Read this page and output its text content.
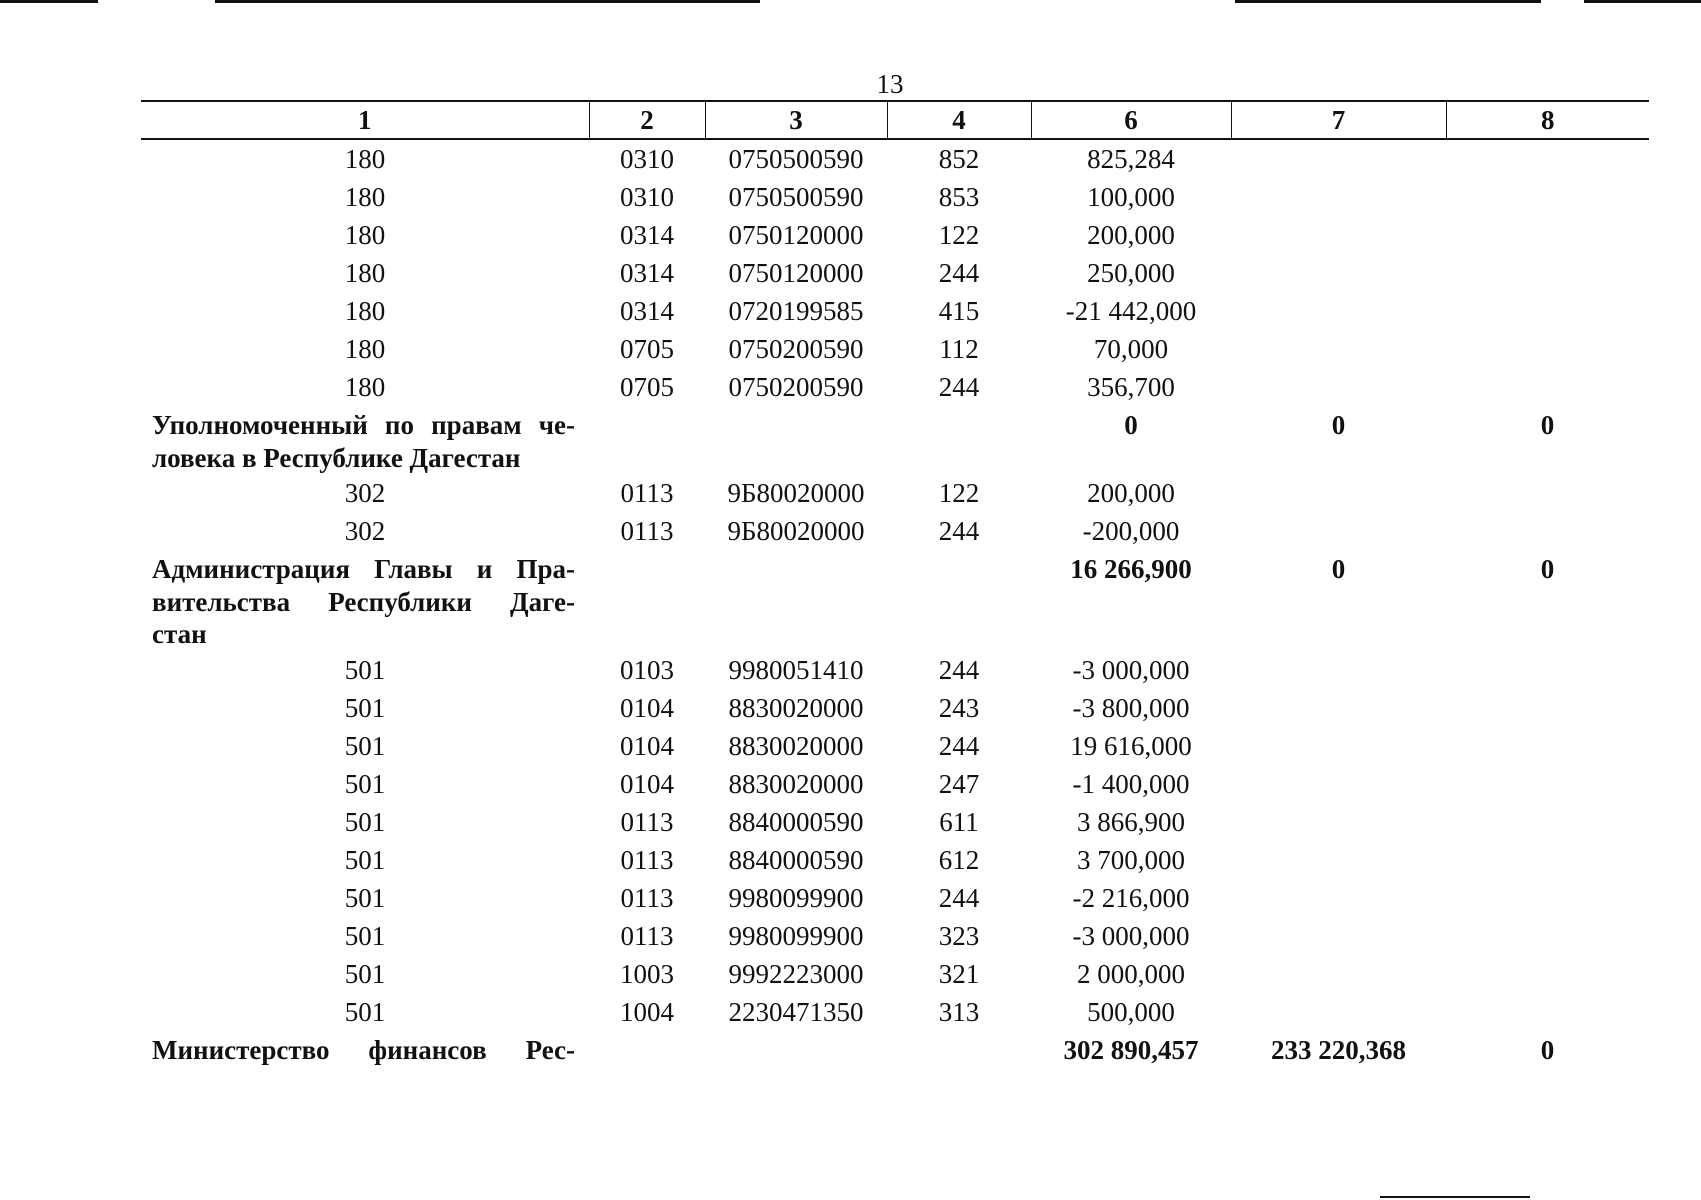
13
1	2	3	4	6	7	8
180	0310	0750500590	852	825,284		
180	0310	0750500590	853	100,000		
180	0314	0750120000	122	200,000		
180	0314	0750120000	244	250,000		
180	0314	0720199585	415	-21 442,000		
180	0705	0750200590	112	70,000		
180	0705	0750200590	244	356,700		

Уполномоченный по правам че-
ловека в Республике Дагестан				0	0	0
302	0113	9Б80020000	122	200,000		
302	0113	9Б80020000	244	-200,000		

Администрация Главы и Пра-
вительства Республики Даге-
стан				16 266,900	0	0
501	0103	9980051410	244	-3 000,000		
501	0104	8830020000	243	-3 800,000		
501	0104	8830020000	244	19 616,000		
501	0104	8830020000	247	-1 400,000		
501	0113	8840000590	611	3 866,900		
501	0113	8840000590	612	3 700,000		
501	0113	9980099900	244	-2 216,000		
501	0113	9980099900	323	-3 000,000		
501	1003	9992223000	321	2 000,000		
501	1004	2230471350	313	500,000		

Министерство финансов Рес-				302 890,457	233 220,368	0
